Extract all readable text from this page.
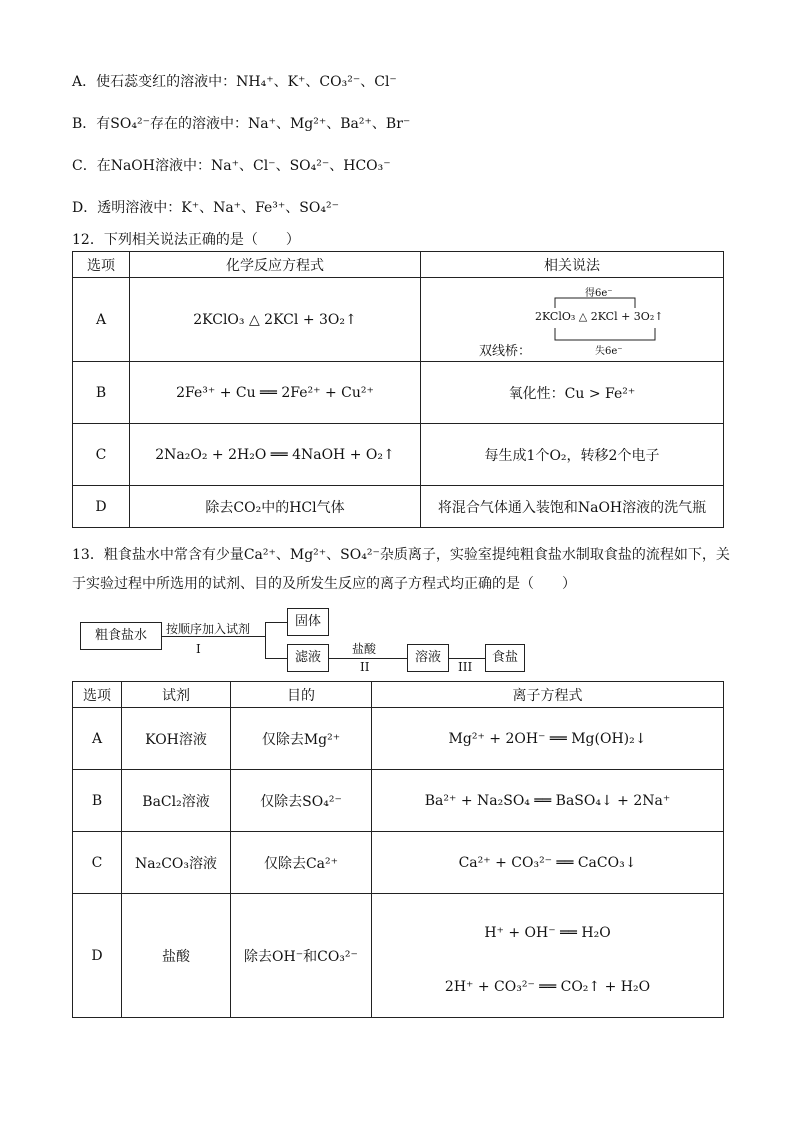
A．使石蕊变红的溶液中：NH₄⁺、K⁺、CO₃²⁻、Cl⁻
B．有SO₄²⁻存在的溶液中：Na⁺、Mg²⁺、Ba²⁺、Br⁻
C．在NaOH溶液中：Na⁺、Cl⁻、SO₄²⁻、HCO₃⁻
D．透明溶液中：K⁺、Na⁺、Fe³⁺、SO₄²⁻
12．下列相关说法正确的是（　　）
选项	化学反应方程式	相关说法
A	2KClO₃ △ 2KCl + 3O₂↑	双线桥：
2KClO₃ △ 2KCl + 3O₂↑
得6e⁻
失6e⁻

B	2Fe³⁺ + Cu ══ 2Fe²⁺ + Cu²⁺	氧化性：Cu > Fe²⁺
C	2Na₂O₂ + 2H₂O ══ 4NaOH + O₂↑	每生成1个O₂，转移2个电子
D	除去CO₂中的HCl气体	将混合气体通入装饱和NaOH溶液的洗气瓶
13．粗食盐水中常含有少量Ca²⁺、Mg²⁺、SO₄²⁻杂质离子，实验室提纯粗食盐水制取食盐的流程如下，关
于实验过程中所选用的试剂、目的及所发生反应的离子方程式均正确的是（　　）
粗食盐水	按顺序加入试剂
I
固体
滤液
盐酸
II
溶液
III
食盐
选项	试剂	目的	离子方程式
A	KOH溶液	仅除去Mg²⁺	Mg²⁺ + 2OH⁻ ══ Mg(OH)₂↓
B	BaCl₂溶液	仅除去SO₄²⁻	Ba²⁺ + Na₂SO₄ ══ BaSO₄↓ + 2Na⁺
C	Na₂CO₃溶液	仅除去Ca²⁺	Ca²⁺ + CO₃²⁻ ══ CaCO₃↓
D	盐酸	除去OH⁻和CO₃²⁻	H⁺ + OH⁻ ══ H₂O
2H⁺ + CO₃²⁻ ══ CO₂↑ + H₂O
